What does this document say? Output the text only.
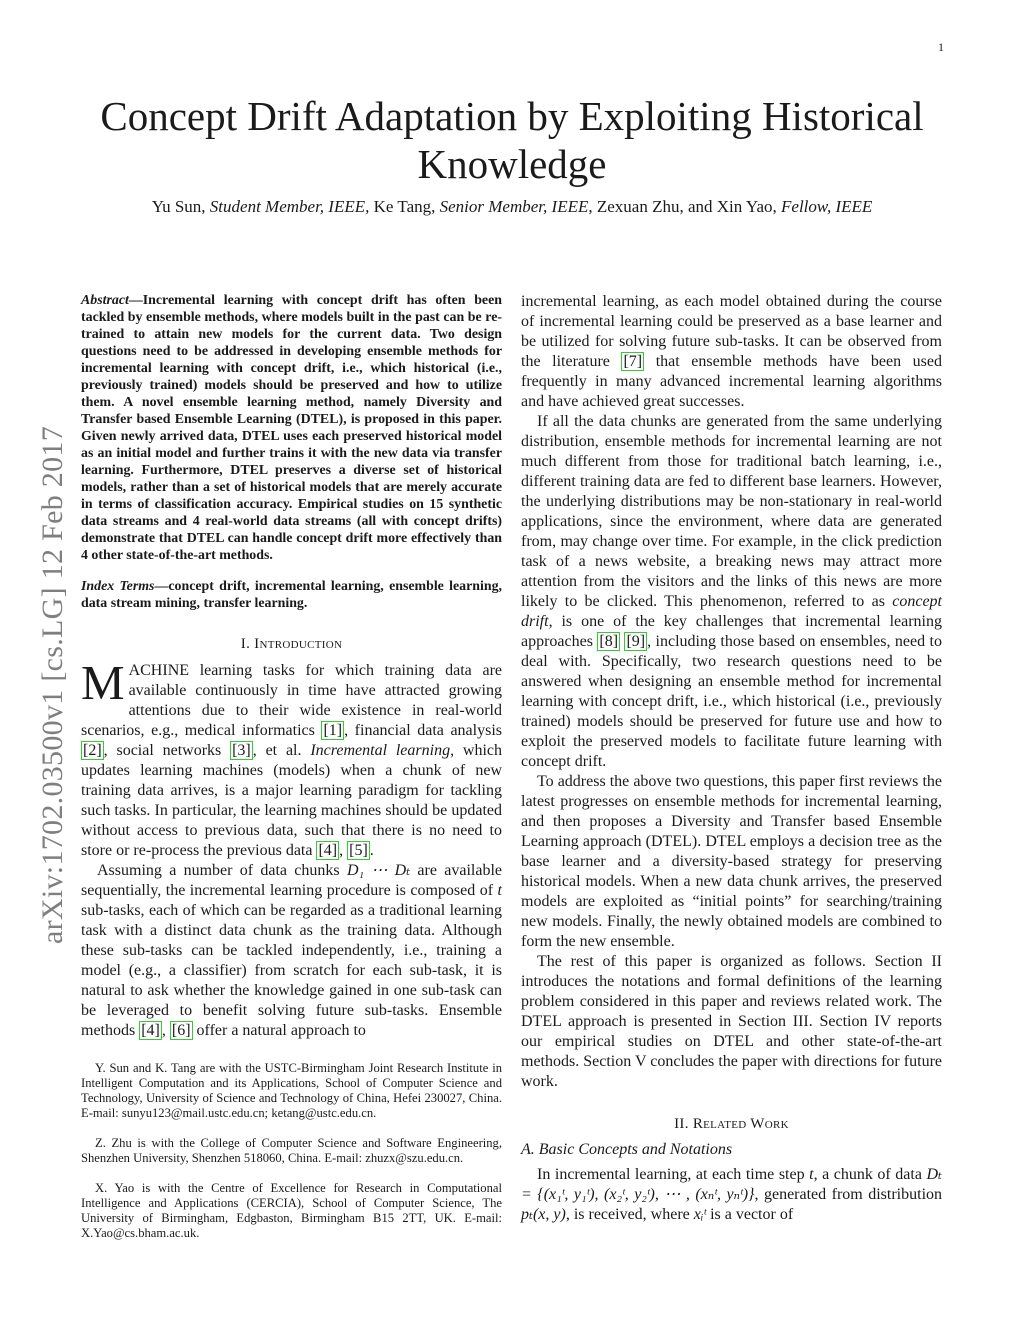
1
Concept Drift Adaptation by Exploiting Historical Knowledge
Yu Sun, Student Member, IEEE, Ke Tang, Senior Member, IEEE, Zexuan Zhu, and Xin Yao, Fellow, IEEE
arXiv:1702.03500v1 [cs.LG] 12 Feb 2017

Abstract—Incremental learning with concept drift has often been tackled by ensemble methods, where models built in the past can be re-trained to attain new models for the current data. Two design questions need to be addressed in developing ensemble methods for incremental learning with concept drift, i.e., which historical (i.e., previously trained) models should be preserved and how to utilize them. A novel ensemble learning method, namely Diversity and Transfer based Ensemble Learning (DTEL), is proposed in this paper. Given newly arrived data, DTEL uses each preserved historical model as an initial model and further trains it with the new data via transfer learning. Furthermore, DTEL preserves a diverse set of historical models, rather than a set of historical models that are merely accurate in terms of classification accuracy. Empirical studies on 15 synthetic data streams and 4 real-world data streams (all with concept drifts) demonstrate that DTEL can handle concept drift more effectively than 4 other state-of-the-art methods.

Index Terms—concept drift, incremental learning, ensemble learning, data stream mining, transfer learning.

I. Introduction

MACHINE learning tasks for which training data are available continuously in time have attracted growing attentions due to their wide existence in real-world scenarios, e.g., medical informatics [1] , financial data analysis [2] , social networks [3] , et al. Incremental learning, which updates learning machines (models) when a chunk of new training data arrives, is a major learning paradigm for tackling such tasks. In particular, the learning machines should be updated without access to previous data, such that there is no need to store or re-process the previous data [4] , [5] .

Assuming a number of data chunks D₁ ⋯ Dₜ are available sequentially, the incremental learning procedure is composed of t sub-tasks, each of which can be regarded as a traditional learning task with a distinct data chunk as the training data. Although these sub-tasks can be tackled independently, i.e., training a model (e.g., a classifier) from scratch for each sub-task, it is natural to ask whether the knowledge gained in one sub-task can be leveraged to benefit solving future sub-tasks. Ensemble methods [4] , [6] offer a natural approach to

Y. Sun and K. Tang are with the USTC-Birmingham Joint Research Institute in Intelligent Computation and its Applications, School of Computer Science and Technology, University of Science and Technology of China, Hefei 230027, China. E-mail: sunyu123@mail.ustc.edu.cn; ketang@ustc.edu.cn.

Z. Zhu is with the College of Computer Science and Software Engineering, Shenzhen University, Shenzhen 518060, China. E-mail: zhuzx@szu.edu.cn.

X. Yao is with the Centre of Excellence for Research in Computational Intelligence and Applications (CERCIA), School of Computer Science, The University of Birmingham, Edgbaston, Birmingham B15 2TT, UK. E-mail: X.Yao@cs.bham.ac.uk.

incremental learning, as each model obtained during the course of incremental learning could be preserved as a base learner and be utilized for solving future sub-tasks. It can be observed from the literature [7] that ensemble methods have been used frequently in many advanced incremental learning algorithms and have achieved great successes.

If all the data chunks are generated from the same underlying distribution, ensemble methods for incremental learning are not much different from those for traditional batch learning, i.e., different training data are fed to different base learners. However, the underlying distributions may be non-stationary in real-world applications, since the environment, where data are generated from, may change over time. For example, in the click prediction task of a news website, a breaking news may attract more attention from the visitors and the links of this news are more likely to be clicked. This phenomenon, referred to as concept drift, is one of the key challenges that incremental learning approaches [8] [9] , including those based on ensembles, need to deal with. Specifically, two research questions need to be answered when designing an ensemble method for incremental learning with concept drift, i.e., which historical (i.e., previously trained) models should be preserved for future use and how to exploit the preserved models to facilitate future learning with concept drift.

To address the above two questions, this paper first reviews the latest progresses on ensemble methods for incremental learning, and then proposes a Diversity and Transfer based Ensemble Learning approach (DTEL). DTEL employs a decision tree as the base learner and a diversity-based strategy for preserving historical models. When a new data chunk arrives, the preserved models are exploited as “initial points” for searching/training new models. Finally, the newly obtained models are combined to form the new ensemble.

The rest of this paper is organized as follows. Section II introduces the notations and formal definitions of the learning problem considered in this paper and reviews related work. The DTEL approach is presented in Section III. Section IV reports our empirical studies on DTEL and other state-of-the-art methods. Section V concludes the paper with directions for future work.

II. Related Work
A. Basic Concepts and Notations

In incremental learning, at each time step t, a chunk of data Dₜ = {(x₁ᵗ, y₁ᵗ), (x₂ᵗ, y₂ᵗ), ⋯ , (xₙᵗ, yₙᵗ)}, generated from distribution pₜ(x, y), is received, where xᵢᵗ is a vector of
